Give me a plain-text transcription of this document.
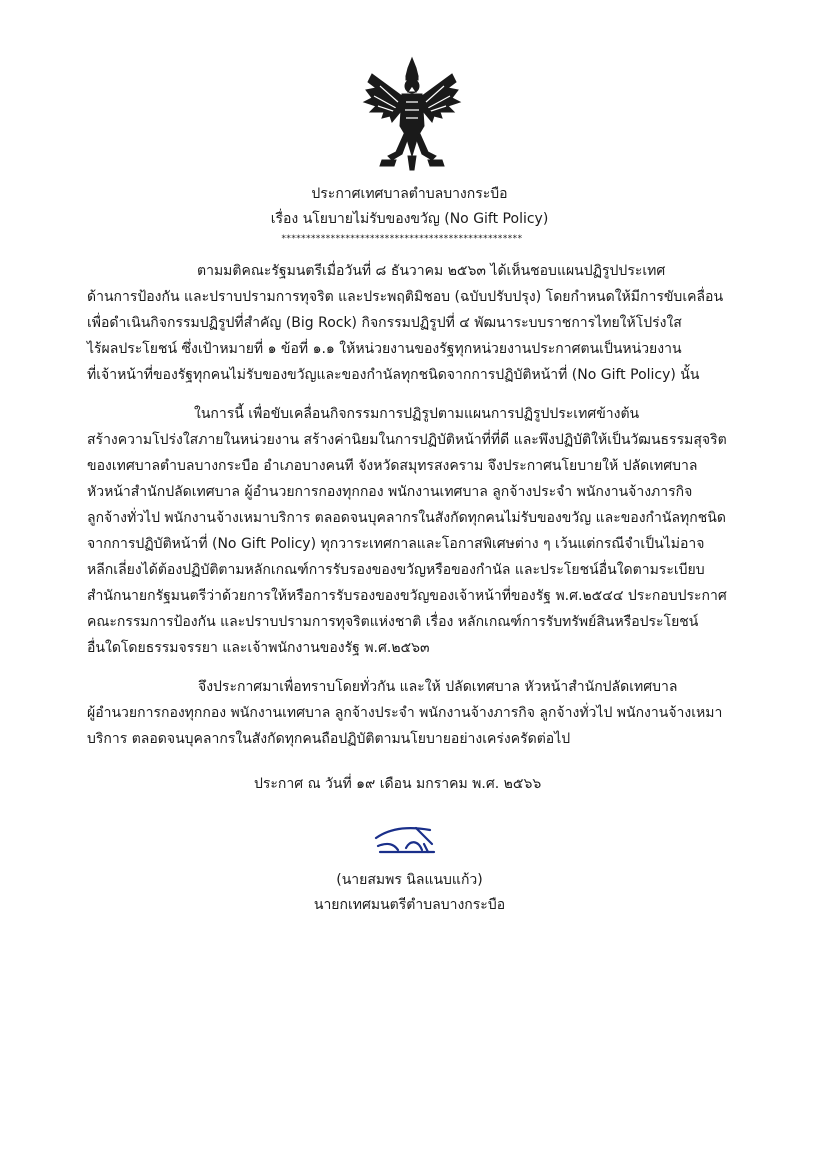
ประกาศเทศบาลตำบลบางกระบือ
เรื่อง นโยบายไม่รับของขวัญ (No Gift Policy)
*************************************************
ตามมติคณะรัฐมนตรีเมื่อวันที่ ๘ ธันวาคม ๒๕๖๓ ได้เห็นชอบแผนปฏิรูปประเทศ
ด้านการป้องกัน และปราบปรามการทุจริต และประพฤติมิชอบ (ฉบับปรับปรุง) โดยกำหนดให้มีการขับเคลื่อน
เพื่อดำเนินกิจกรรมปฏิรูปที่สำคัญ (Big Rock) กิจกรรมปฏิรูปที่ ๔ พัฒนาระบบราชการไทยให้โปร่งใส
ไร้ผลประโยชน์ ซึ่งเป้าหมายที่ ๑ ข้อที่ ๑.๑ ให้หน่วยงานของรัฐทุกหน่วยงานประกาศตนเป็นหน่วยงาน
ที่เจ้าหน้าที่ของรัฐทุกคนไม่รับของขวัญและของกำนัลทุกชนิดจากการปฏิบัติหน้าที่ (No Gift Policy) นั้น
ในการนี้ เพื่อขับเคลื่อนกิจกรรมการปฏิรูปตามแผนการปฏิรูปประเทศข้างต้น
สร้างความโปร่งใสภายในหน่วยงาน สร้างค่านิยมในการปฏิบัติหน้าที่ที่ดี และพึงปฏิบัติให้เป็นวัฒนธรรมสุจริต
ของเทศบาลตำบลบางกระบือ อำเภอบางคนที จังหวัดสมุทรสงคราม จึงประกาศนโยบายให้ ปลัดเทศบาล
หัวหน้าสำนักปลัดเทศบาล ผู้อำนวยการกองทุกกอง พนักงานเทศบาล ลูกจ้างประจำ พนักงานจ้างภารกิจ
ลูกจ้างทั่วไป พนักงานจ้างเหมาบริการ ตลอดจนบุคลากรในสังกัดทุกคนไม่รับของขวัญ และของกำนัลทุกชนิด
จากการปฏิบัติหน้าที่ (No Gift Policy) ทุกวาระเทศกาลและโอกาสพิเศษต่าง ๆ เว้นแต่กรณีจำเป็นไม่อาจ
หลีกเลี่ยงได้ต้องปฏิบัติตามหลักเกณฑ์การรับรองของขวัญหรือของกำนัล และประโยชน์อื่นใดตามระเบียบ
สำนักนายกรัฐมนตรีว่าด้วยการให้หรือการรับรองของขวัญของเจ้าหน้าที่ของรัฐ พ.ศ.๒๕๔๔ ประกอบประกาศ
คณะกรรมการป้องกัน และปราบปรามการทุจริตแห่งชาติ เรื่อง หลักเกณฑ์การรับทรัพย์สินหรือประโยชน์
อื่นใดโดยธรรมจรรยา และเจ้าพนักงานของรัฐ พ.ศ.๒๕๖๓
จึงประกาศมาเพื่อทราบโดยทั่วกัน และให้ ปลัดเทศบาล หัวหน้าสำนักปลัดเทศบาล
ผู้อำนวยการกองทุกกอง พนักงานเทศบาล ลูกจ้างประจำ พนักงานจ้างภารกิจ ลูกจ้างทั่วไป พนักงานจ้างเหมา
บริการ ตลอดจนบุคลากรในสังกัดทุกคนถือปฏิบัติตามนโยบายอย่างเคร่งครัดต่อไป
ประกาศ ณ วันที่ ๑๙ เดือน มกราคม พ.ศ. ๒๕๖๖
(นายสมพร นิลแนบแก้ว)
นายกเทศมนตรีตำบลบางกระบือ
